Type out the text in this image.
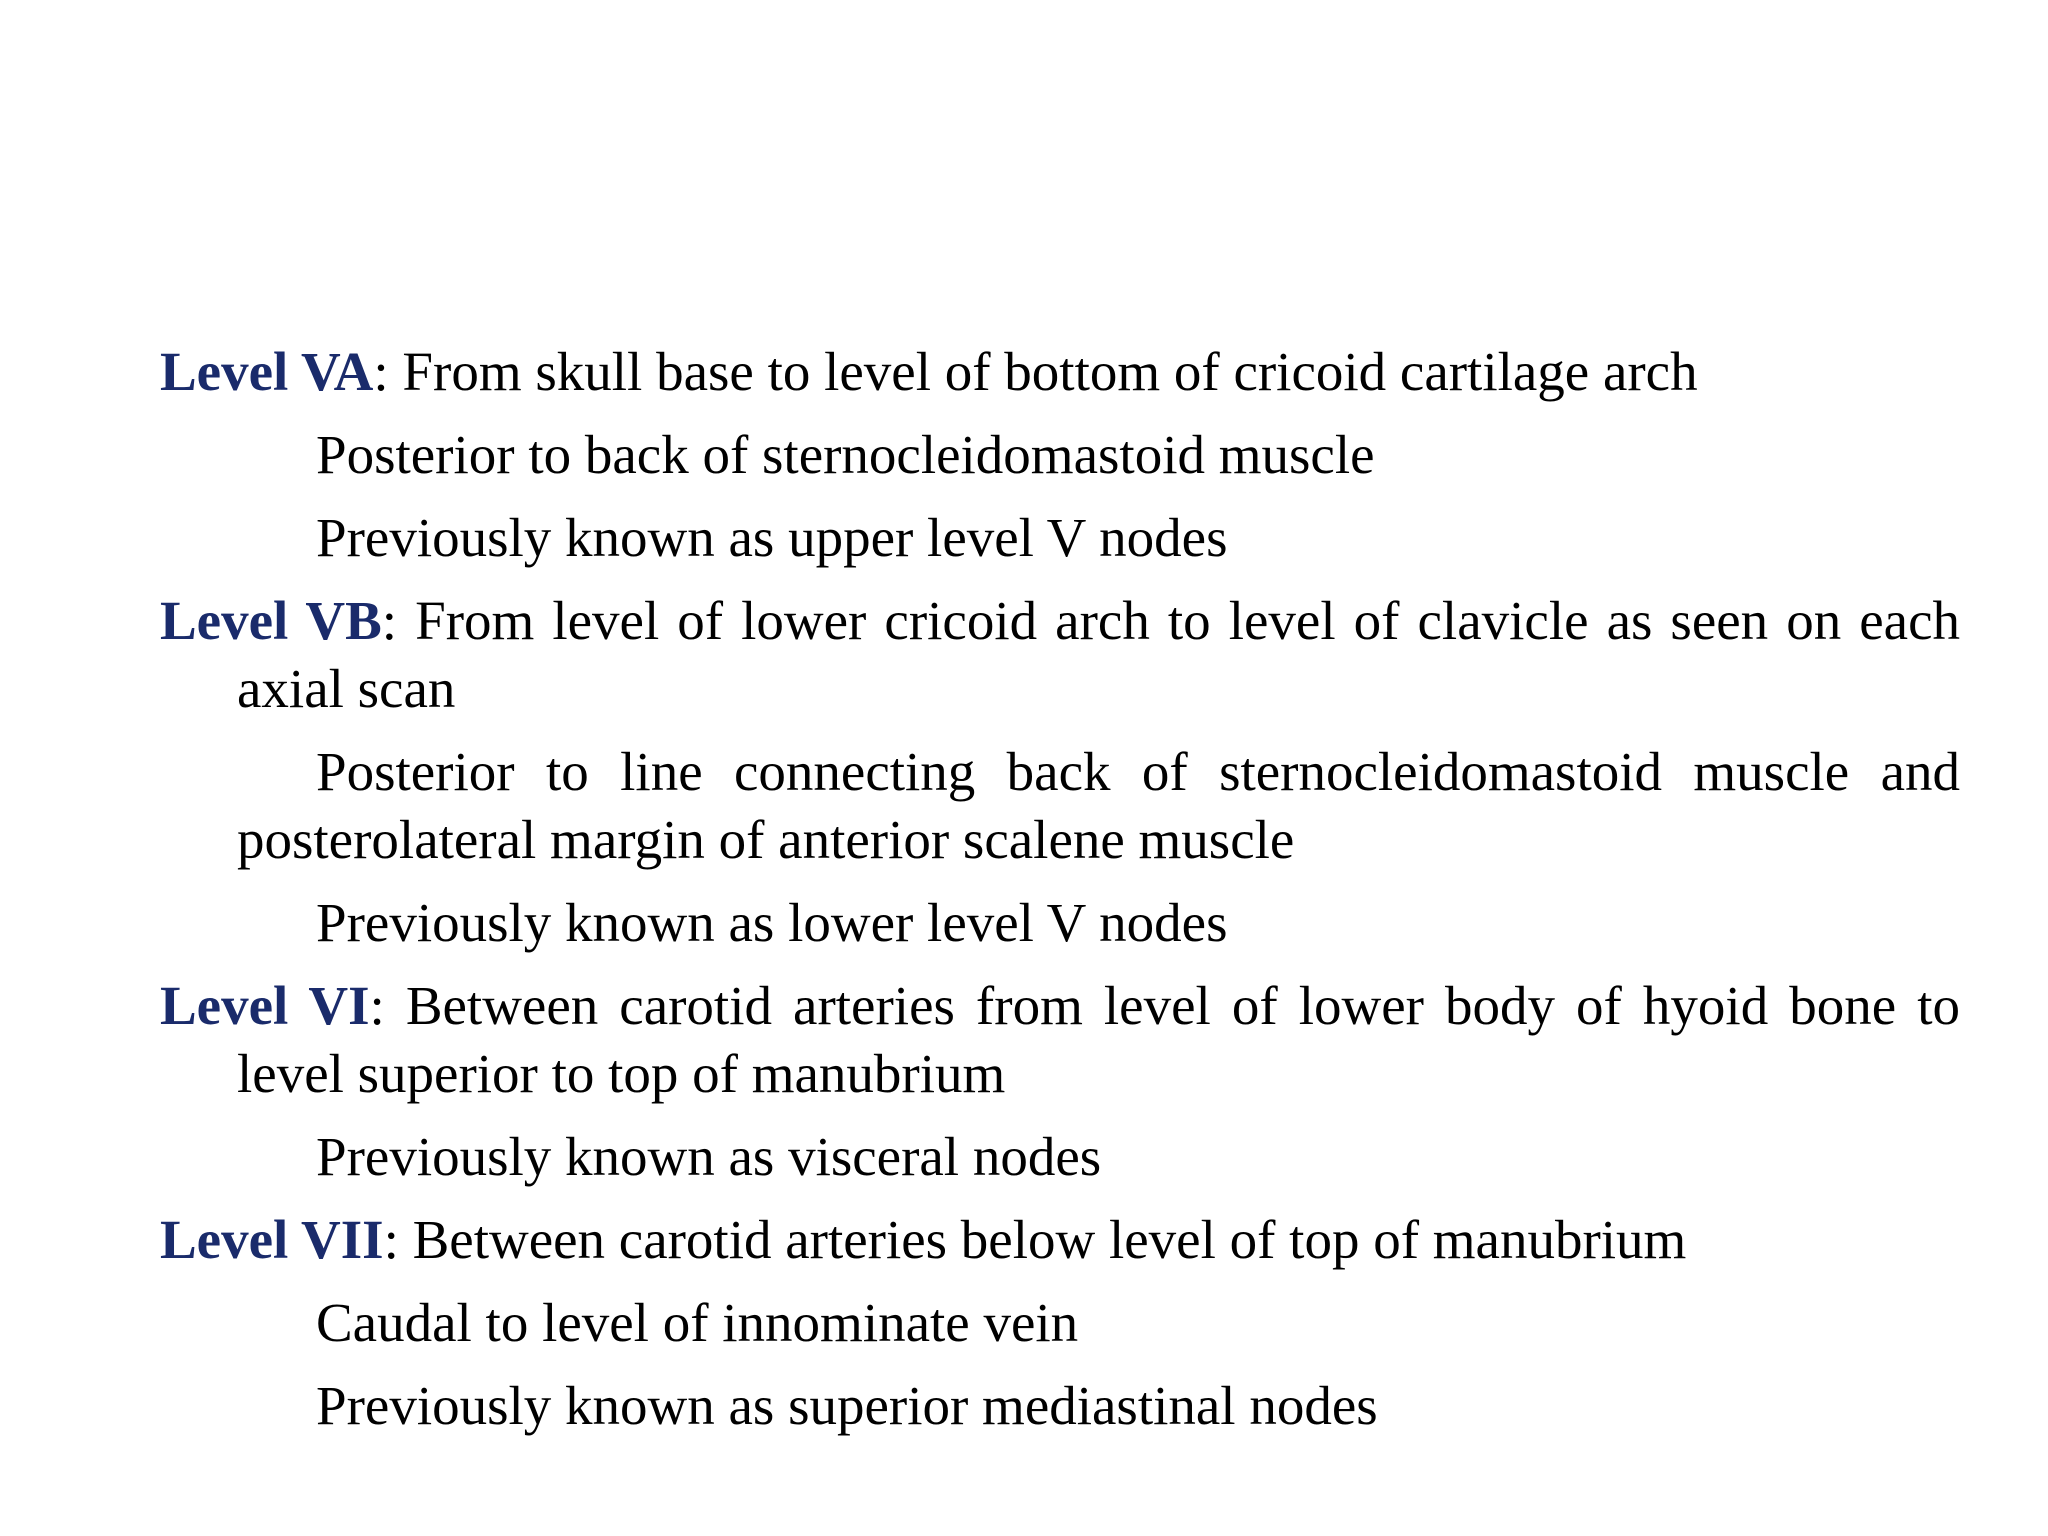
Level VA: From skull base to level of bottom of cricoid cartilage arch

Posterior to back of sternocleidomastoid muscle

Previously known as upper level V nodes

Level VB: From level of lower cricoid arch to level of clavicle as seen on each axial scan

Posterior to line connecting back of sternocleidomastoid muscle and posterolateral margin of anterior scalene muscle

Previously known as lower level V nodes

Level VI: Between carotid arteries from level of lower body of hyoid bone to level superior to top of manubrium

Previously known as visceral nodes

Level VII: Between carotid arteries below level of top of manubrium

Caudal to level of innominate vein

Previously known as superior mediastinal nodes
